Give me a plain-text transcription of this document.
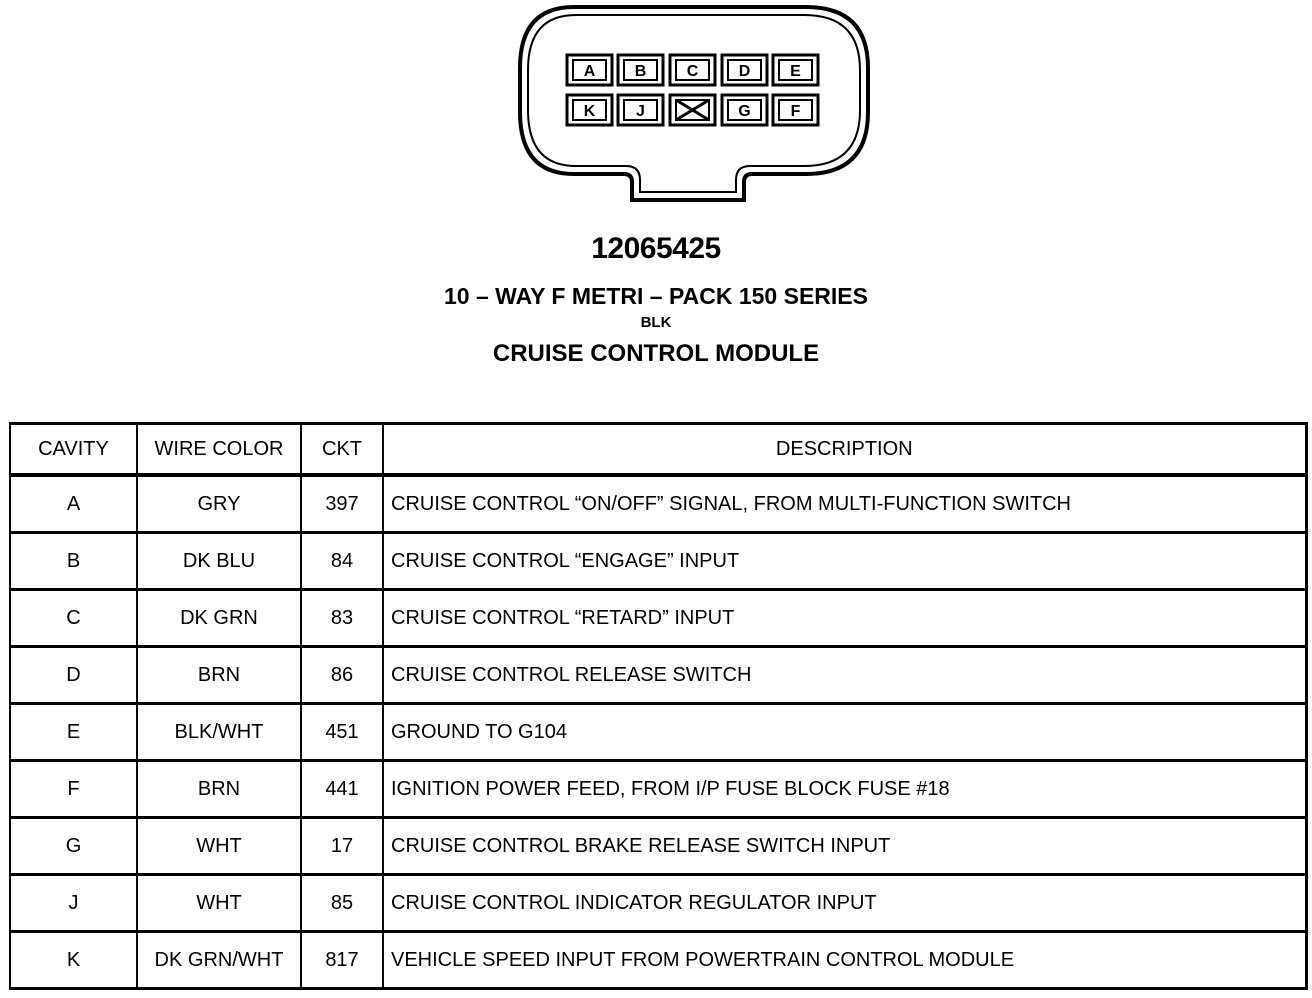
A B	C	D E
K	J	G F
12065425
10 – WAY F METRI – PACK 150 SERIES
BLK
CRUISE CONTROL MODULE
CAVITY	WIRE COLOR	CKT	DESCRIPTION
A	GRY	397	CRUISE CONTROL “ON/OFF” SIGNAL, FROM MULTI-FUNCTION SWITCH
B	DK BLU	84	CRUISE CONTROL “ENGAGE” INPUT
C	DK GRN	83	CRUISE CONTROL “RETARD” INPUT
D	BRN	86	CRUISE CONTROL RELEASE SWITCH
E	BLK/WHT	451	GROUND TO G104
F	BRN	441	IGNITION POWER FEED, FROM I/P FUSE BLOCK FUSE #18
G	WHT	17	CRUISE CONTROL BRAKE RELEASE SWITCH INPUT
J	WHT	85	CRUISE CONTROL INDICATOR REGULATOR INPUT
K	DK GRN/WHT	817	VEHICLE SPEED INPUT FROM POWERTRAIN CONTROL MODULE
